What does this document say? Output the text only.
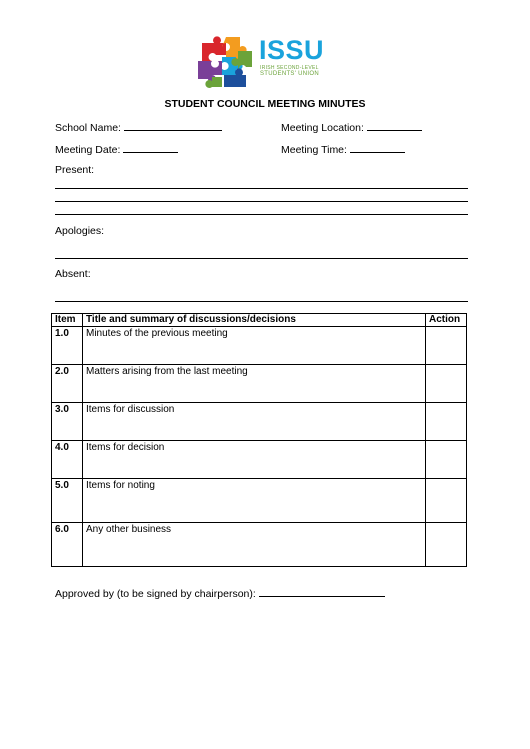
ISSU
IRISH SECOND-LEVEL
STUDENTS' UNION
STUDENT COUNCIL MEETING MINUTES
School Name:	Meeting Location:
Meeting Date:	Meeting Time:
Present:
Apologies:
Absent:
Item	Title and summary of discussions/decisions	Action
1.0	Minutes of the previous meeting	
2.0	Matters arising from the last meeting	
3.0	Items for discussion	
4.0	Items for decision	
5.0	Items for noting	
6.0	Any other business	
Approved by (to be signed by chairperson):
